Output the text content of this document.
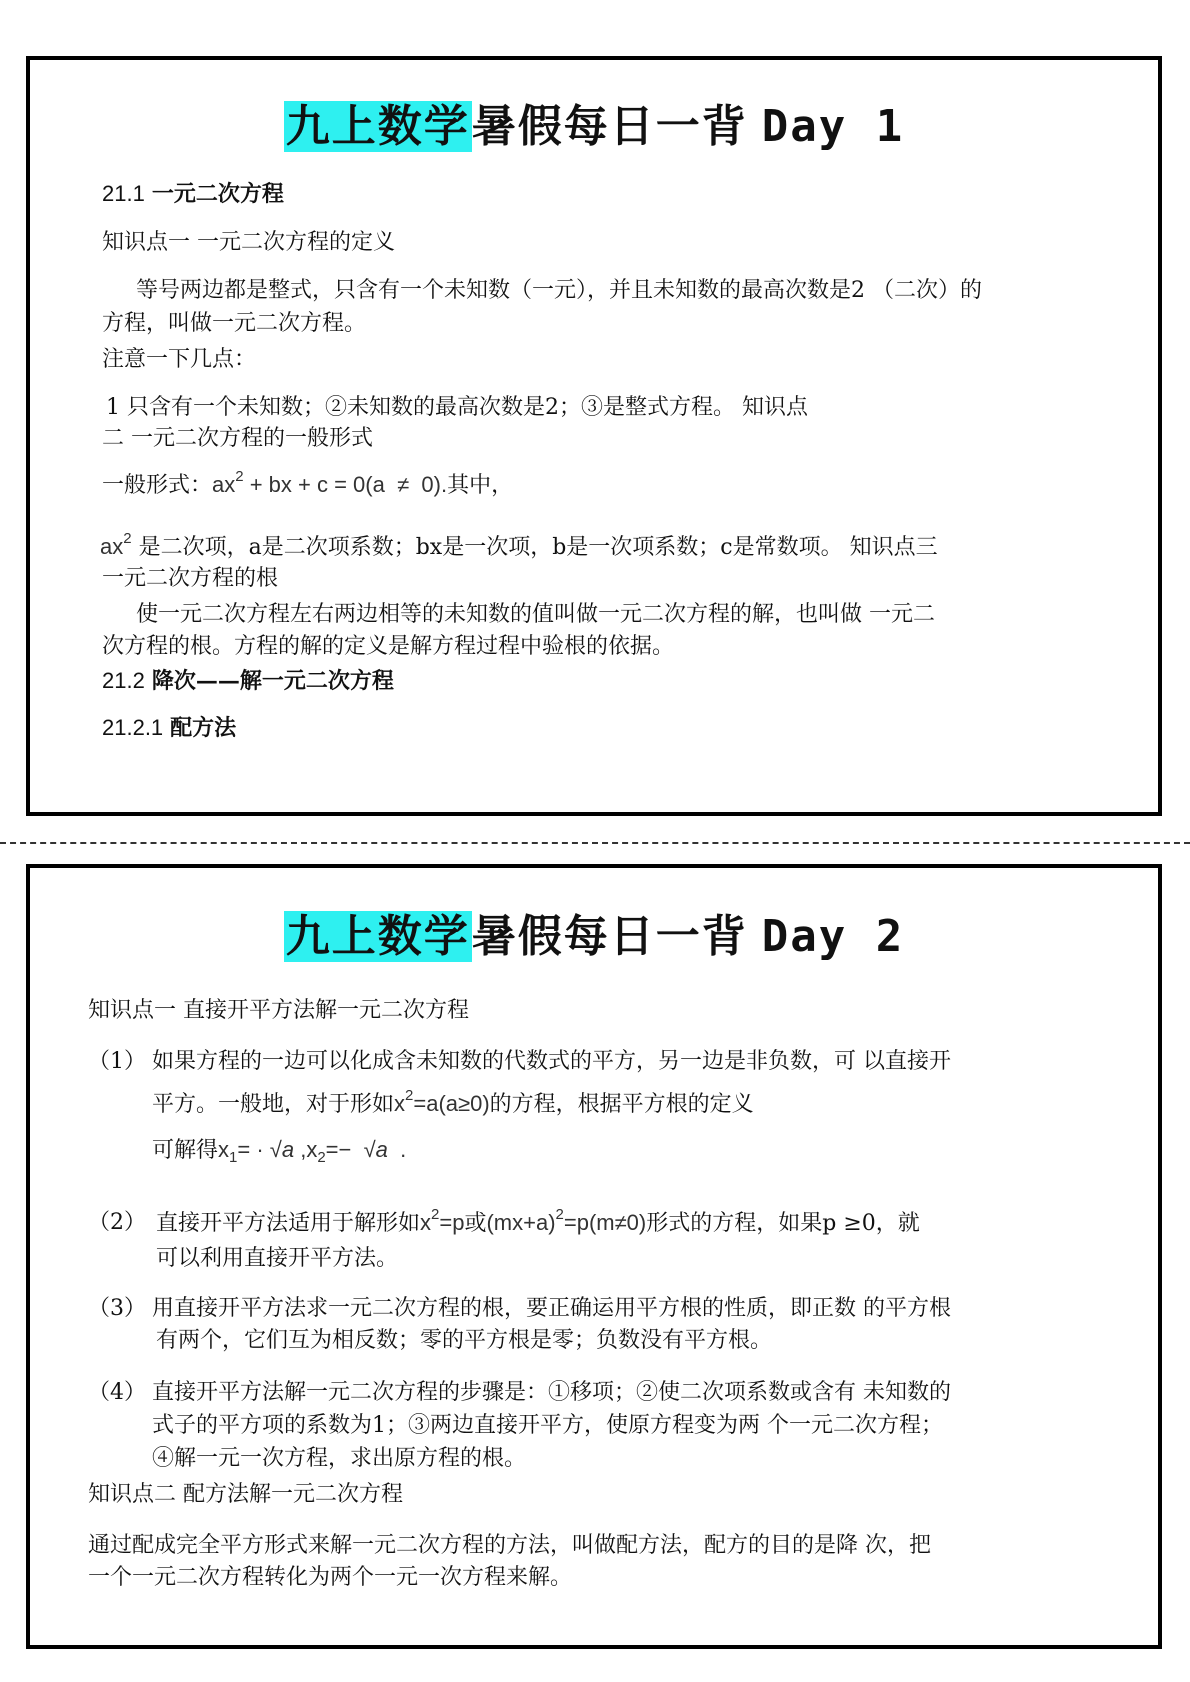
九上数学暑假每日一背 Day 1
21.1 一元二次方程
知识点一 一元二次方程的定义
等号两边都是整式，只含有一个未知数（一元），并且未知数的最高次数是2 （二次）的
方程，叫做一元二次方程。
注意一下几点：
1 只含有一个未知数；②未知数的最高次数是2；③是整式方程。 知识点
二 一元二次方程的一般形式
一般形式：$ax^2$ + bx + c = 0(a  ≠  0).其中，
$ax^2$ 是二次项，a是二次项系数；bx是一次项，b是一次项系数；c是常数项。 知识点三
一元二次方程的根
使一元二次方程左右两边相等的未知数的值叫做一元二次方程的解，也叫做 一元二
次方程的根。方程的解的定义是解方程过程中验根的依据。
21.2 降次——解一元二次方程
21.2.1 配方法
九上数学暑假每日一背 Day 2
知识点一 直接开平方法解一元二次方程
（1） 如果方程的一边可以化成含未知数的代数式的平方，另一边是非负数，可 以直接开
平方。一般地，对于形如$x^2=a(a\ge 0)$的方程，根据平方根的定义
可解得$x_1= \cdot √a$ $,x_2=- √a$  .
（2） 直接开平方法适用于解形如$x^2=p$或$(mx+a)^2=p(m\ne 0)$形式的方程，如果p ≥0，就
可以利用直接开平方法。
（3） 用直接开平方法求一元二次方程的根，要正确运用平方根的性质，即正数 的平方根
有两个，它们互为相反数；零的平方根是零；负数没有平方根。
（4） 直接开平方法解一元二次方程的步骤是：①移项；②使二次项系数或含有 未知数的
式子的平方项的系数为1；③两边直接开平方，使原方程变为两 个一元二次方程；
④解一元一次方程，求出原方程的根。
知识点二 配方法解一元二次方程
通过配成完全平方形式来解一元二次方程的方法，叫做配方法，配方的目的是降 次，把
一个一元二次方程转化为两个一元一次方程来解。
